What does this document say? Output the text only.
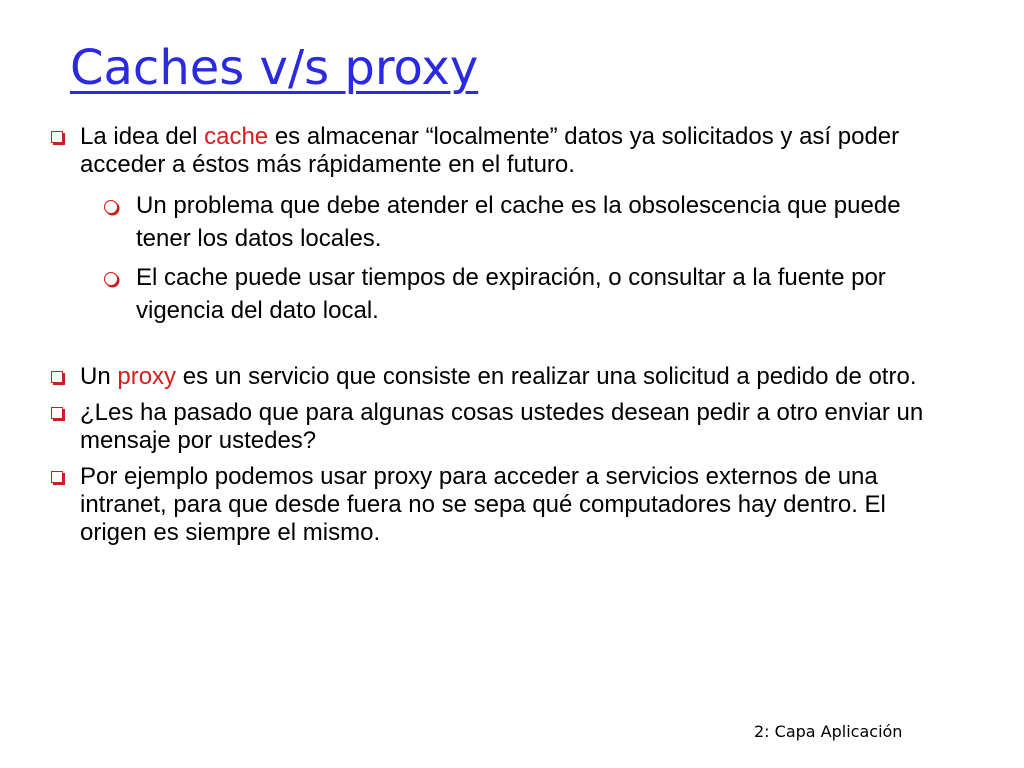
Caches v/s proxy
La idea del cache es almacenar “localmente” datos ya solicitados y así poder acceder a éstos más rápidamente en el futuro.
Un problema que debe atender el cache es la obsolescencia que puede tener los datos locales.
El cache puede usar tiempos de expiración, o consultar a la fuente por vigencia del dato local.
Un proxy es un servicio que consiste en realizar una solicitud a pedido de otro.
¿Les ha pasado que para algunas cosas ustedes desean pedir a otro enviar un mensaje por ustedes?
Por ejemplo podemos usar proxy para acceder a servicios externos de una intranet, para que desde fuera no se sepa qué computadores hay dentro. El origen es siempre el mismo.
2: Capa Aplicación
